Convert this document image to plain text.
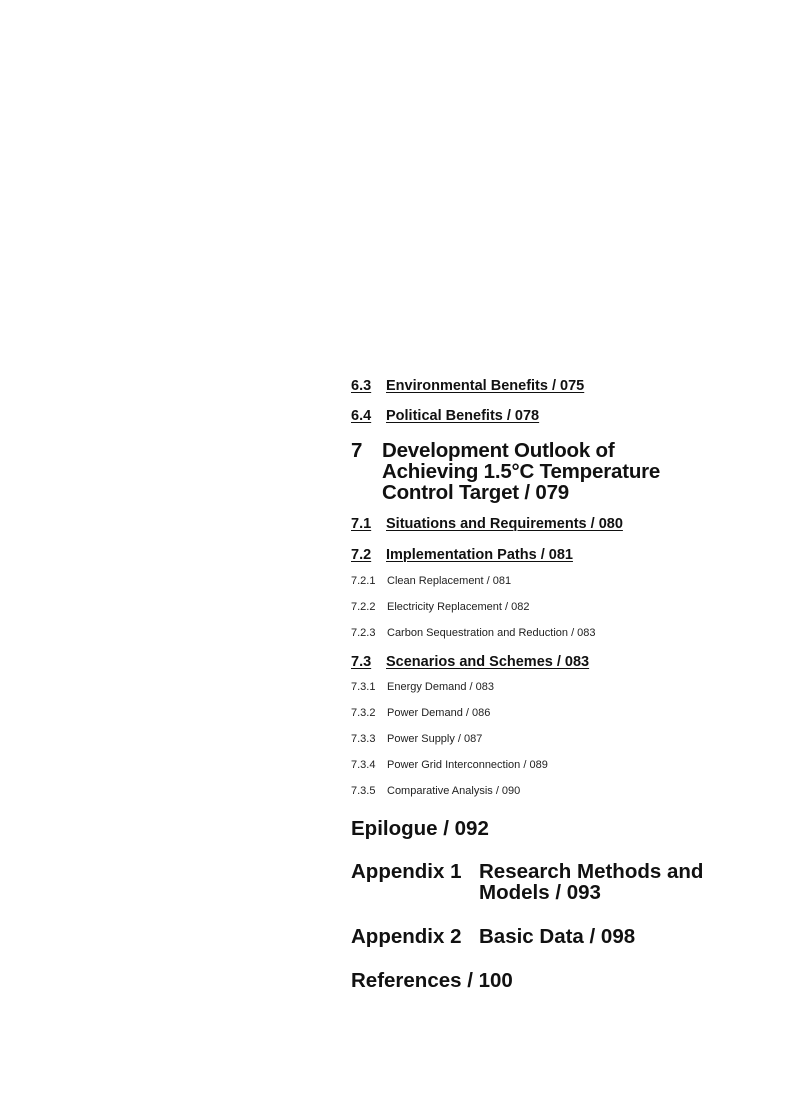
6.3	Environmental Benefits / 075
6.4	Political Benefits / 078
7 Development Outlook of Achieving 1.5°C Temperature Control Target / 079
7.1	Situations and Requirements / 080
7.2	Implementation Paths / 081
7.2.1	Clean Replacement / 081
7.2.2	Electricity Replacement / 082
7.2.3	Carbon Sequestration and Reduction / 083
7.3	Scenarios and Schemes / 083
7.3.1	Energy Demand / 083
7.3.2	Power Demand / 086
7.3.3	Power Supply / 087
7.3.4	Power Grid Interconnection / 089
7.3.5	Comparative Analysis / 090
Epilogue / 092
Appendix 1 Research Methods and Models / 093
Appendix 2 Basic Data / 098
References / 100
